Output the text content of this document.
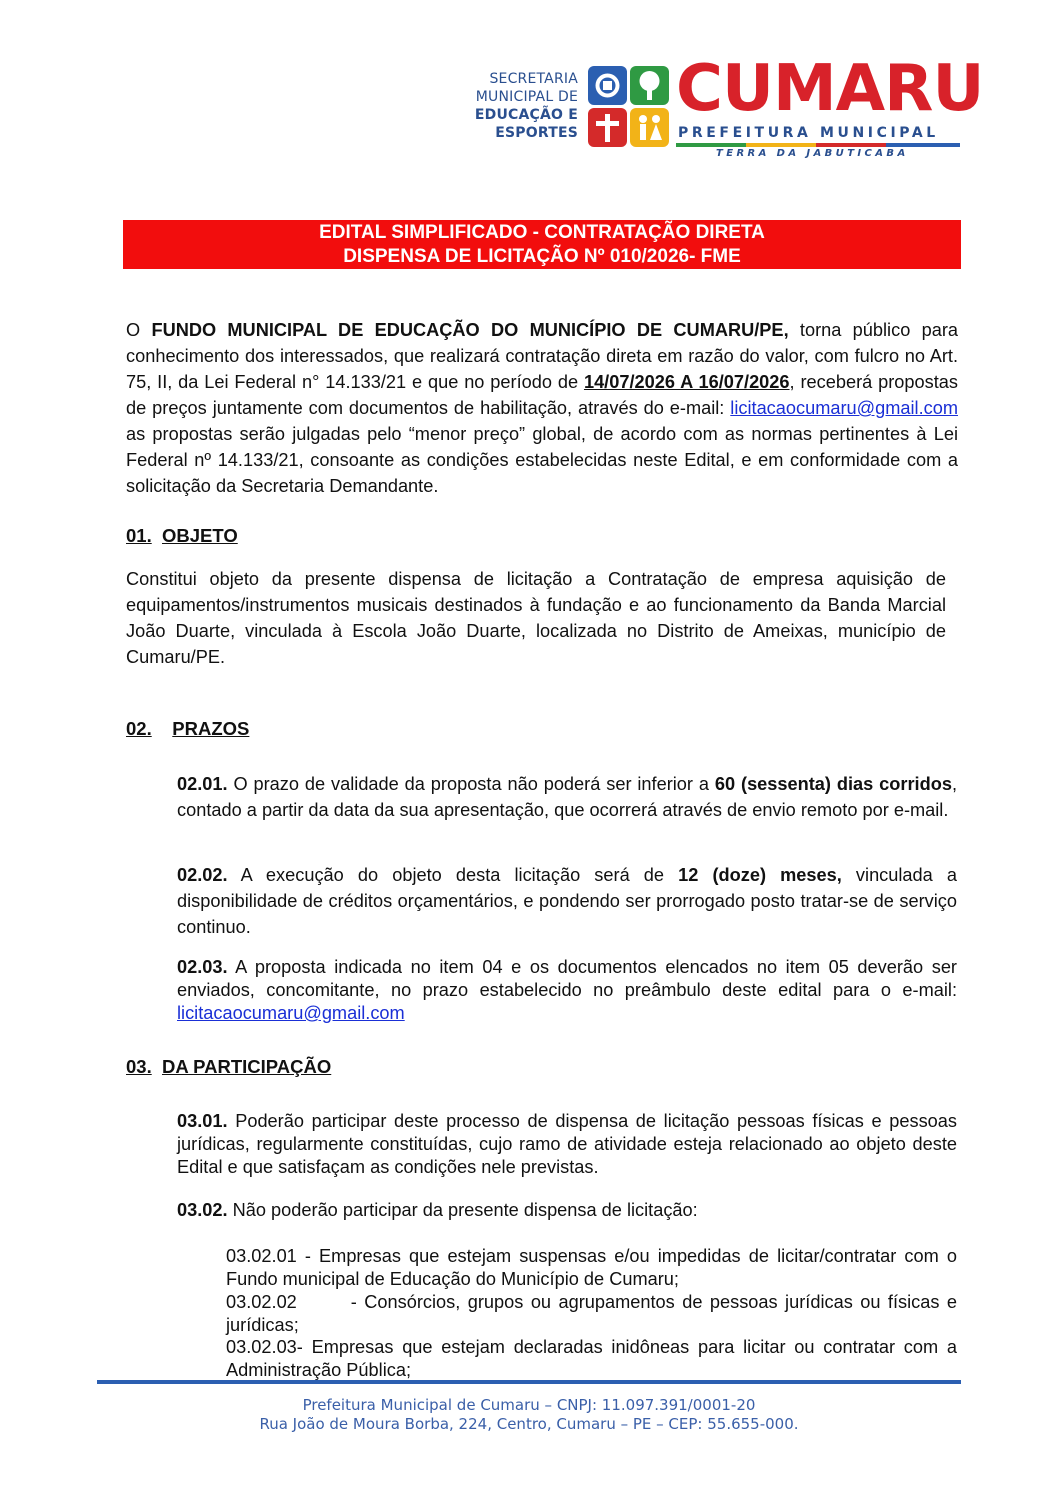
SECRETARIA
MUNICIPAL DE
EDUCAÇÃO E
ESPORTES
CUMARU
PREFEITURA MUNICIPAL
TERRA DA JABUTICABA
EDITAL SIMPLIFICADO - CONTRATAÇÃO DIRETA
DISPENSA DE LICITAÇÃO Nº 010/2026- FME
O FUNDO MUNICIPAL DE EDUCAÇÃO DO MUNICÍPIO DE CUMARU/PE, torna público para conhecimento dos interessados, que realizará contratação direta em razão do valor, com fulcro no Art. 75, II, da Lei Federal n° 14.133/21 e que no período de 14/07/2026 A 16/07/2026, receberá propostas de preços juntamente com documentos de habilitação, através do e-mail: licitacaocumaru@gmail.com as propostas serão julgadas pelo “menor preço” global, de acordo com as normas pertinentes à Lei Federal nº 14.133/21, consoante as condições estabelecidas neste Edital, e em conformidade com a solicitação da Secretaria Demandante.
01. OBJETO
Constitui objeto da presente dispensa de licitação a Contratação de empresa aquisição de equipamentos/instrumentos musicais destinados à fundação e ao funcionamento da Banda Marcial João Duarte, vinculada à Escola João Duarte, localizada no Distrito de Ameixas, município de Cumaru/PE.
02. PRAZOS
02.01. O prazo de validade da proposta não poderá ser inferior a 60 (sessenta) dias corridos, contado a partir da data da sua apresentação, que ocorrerá através de envio remoto por e-mail.
02.02. A execução do objeto desta licitação será de 12 (doze) meses, vinculada a disponibilidade de créditos orçamentários, e pondendo ser prorrogado posto tratar-se de serviço continuo.
02.03. A proposta indicada no item 04 e os documentos elencados no item 05 deverão ser enviados, concomitante, no prazo estabelecido no preâmbulo deste edital para o e-mail: licitacaocumaru@gmail.com
03. DA PARTICIPAÇÃO
03.01. Poderão participar deste processo de dispensa de licitação pessoas físicas e pessoas jurídicas, regularmente constituídas, cujo ramo de atividade esteja relacionado ao objeto deste Edital e que satisfaçam as condições nele previstas.
03.02. Não poderão participar da presente dispensa de licitação:
03.02.01 - Empresas que estejam suspensas e/ou impedidas de licitar/contratar com o Fundo municipal de Educação do Município de Cumaru;
03.02.02	- Consórcios, grupos ou agrupamentos de pessoas jurídicas ou físicas e jurídicas;
03.02.03- Empresas que estejam declaradas inidôneas para licitar ou contratar com a Administração Pública;
Prefeitura Municipal de Cumaru – CNPJ: 11.097.391/0001-20
Rua João de Moura Borba, 224, Centro, Cumaru – PE – CEP: 55.655-000.
